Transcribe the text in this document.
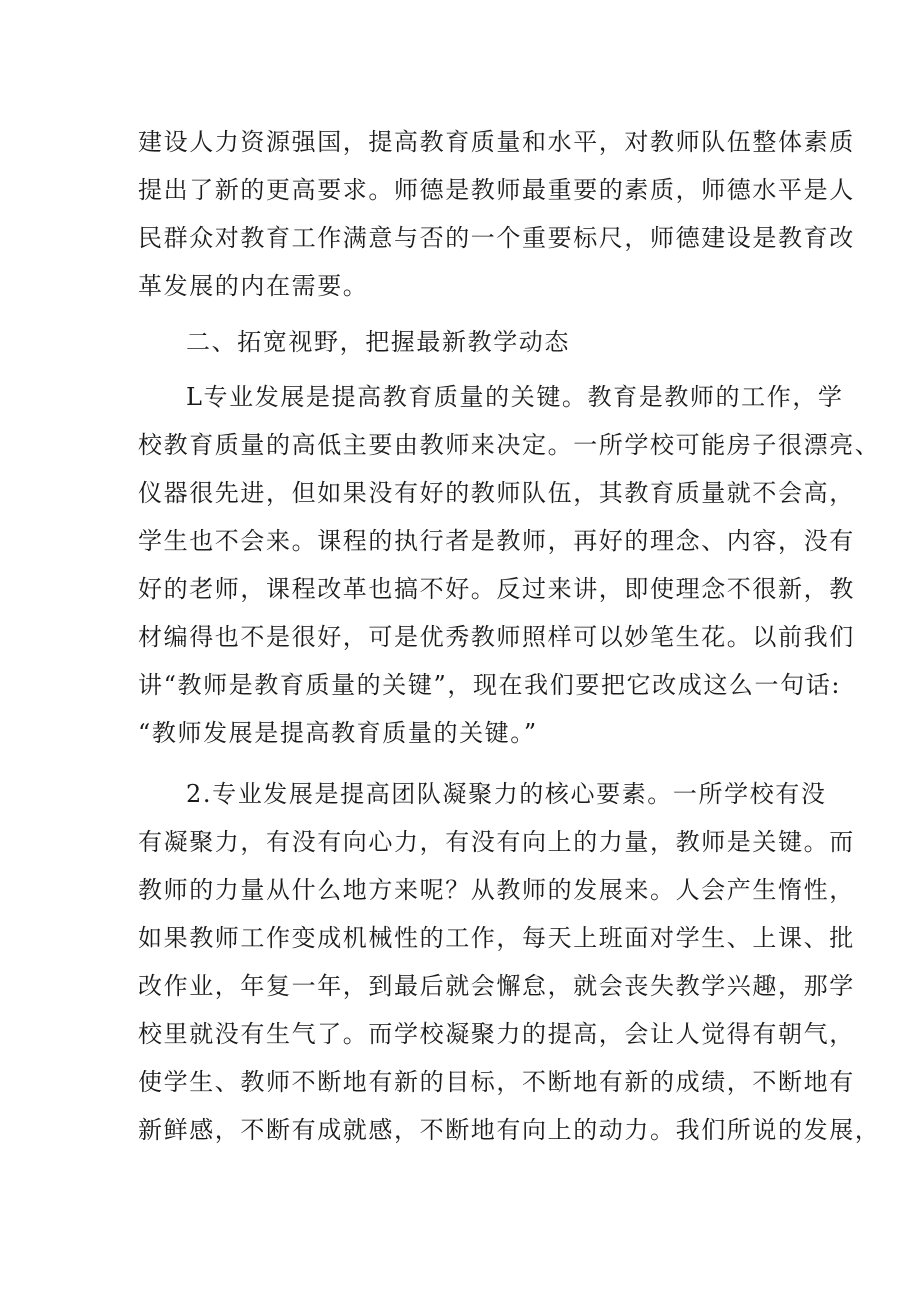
建设人力资源强国，提高教育质量和水平，对教师队伍整体素质
提出了新的更高要求。师德是教师最重要的素质，师德水平是人
民群众对教育工作满意与否的一个重要标尺，师德建设是教育改
革发展的内在需要。
二、拓宽视野，把握最新教学动态
L专业发展是提高教育质量的关键。教育是教师的工作，学
校教育质量的高低主要由教师来决定。一所学校可能房子很漂亮、
仪器很先进，但如果没有好的教师队伍，其教育质量就不会高，
学生也不会来。课程的执行者是教师，再好的理念、内容，没有
好的老师，课程改革也搞不好。反过来讲，即使理念不很新，教
材编得也不是很好，可是优秀教师照样可以妙笔生花。以前我们
讲“教师是教育质量的关键”，现在我们要把它改成这么一句话:
“教师发展是提高教育质量的关键。”
2.专业发展是提高团队凝聚力的核心要素。一所学校有没
有凝聚力，有没有向心力，有没有向上的力量，教师是关键。而
教师的力量从什么地方来呢？从教师的发展来。人会产生惰性，
如果教师工作变成机械性的工作，每天上班面对学生、上课、批
改作业，年复一年，到最后就会懈怠，就会丧失教学兴趣，那学
校里就没有生气了。而学校凝聚力的提高，会让人觉得有朝气，
使学生、教师不断地有新的目标，不断地有新的成绩，不断地有
新鲜感，不断有成就感，不断地有向上的动力。我们所说的发展，
